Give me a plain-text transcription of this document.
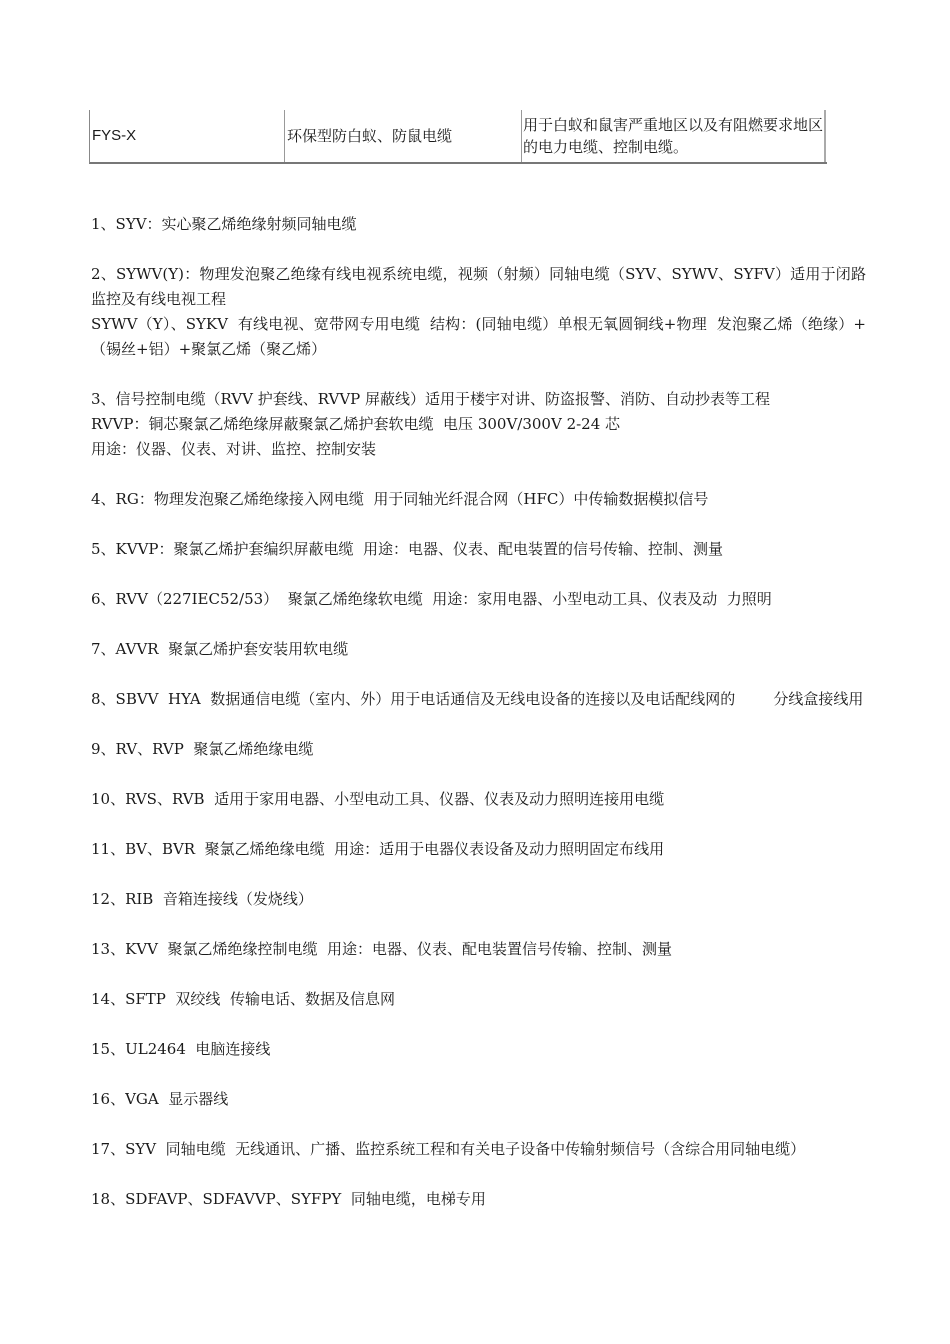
FYS-X	环保型防白蚁、防鼠电缆
用于白蚁和鼠害严重地区以及有阻燃要求地区的电力电缆、控制电缆。

1、SYV：实心聚乙烯绝缘射频同轴电缆

2、SYWV(Y)：物理发泡聚乙绝缘有线电视系统电缆，视频（射频）同轴电缆（SYV、SYWV、SYFV）适用于闭路监控及有线电视工程
SYWV（Y）、SYKV  有线电视、宽带网专用电缆  结构：(同轴电缆）单根无氧圆铜线+物理  发泡聚乙烯（绝缘）+（锡丝+铝）+聚氯乙烯（聚乙烯）

3、信号控制电缆（RVV 护套线、RVVP 屏蔽线）适用于楼宇对讲、防盗报警、消防、自动抄表等工程
RVVP：铜芯聚氯乙烯绝缘屏蔽聚氯乙烯护套软电缆  电压 300V/300V 2-24 芯
用途：仪器、仪表、对讲、监控、控制安装

4、RG：物理发泡聚乙烯绝缘接入网电缆  用于同轴光纤混合网（HFC）中传输数据模拟信号

5、KVVP：聚氯乙烯护套编织屏蔽电缆  用途：电器、仪表、配电装置的信号传输、控制、测量

6、RVV（227IEC52/53）  聚氯乙烯绝缘软电缆  用途：家用电器、小型电动工具、仪表及动  力照明

7、AVVR  聚氯乙烯护套安装用软电缆

8、SBVV  HYA  数据通信电缆（室内、外）用于电话通信及无线电设备的连接以及电话配线网的        分线盒接线用

9、RV、RVP  聚氯乙烯绝缘电缆

10、RVS、RVB  适用于家用电器、小型电动工具、仪器、仪表及动力照明连接用电缆

11、BV、BVR  聚氯乙烯绝缘电缆  用途：适用于电器仪表设备及动力照明固定布线用

12、RIB  音箱连接线（发烧线）

13、KVV  聚氯乙烯绝缘控制电缆  用途：电器、仪表、配电装置信号传输、控制、测量

14、SFTP  双绞线  传输电话、数据及信息网

15、UL2464  电脑连接线

16、VGA  显示器线

17、SYV  同轴电缆  无线通讯、广播、监控系统工程和有关电子设备中传输射频信号（含综合用同轴电缆）

18、SDFAVP、SDFAVVP、SYFPY  同轴电缆，电梯专用
